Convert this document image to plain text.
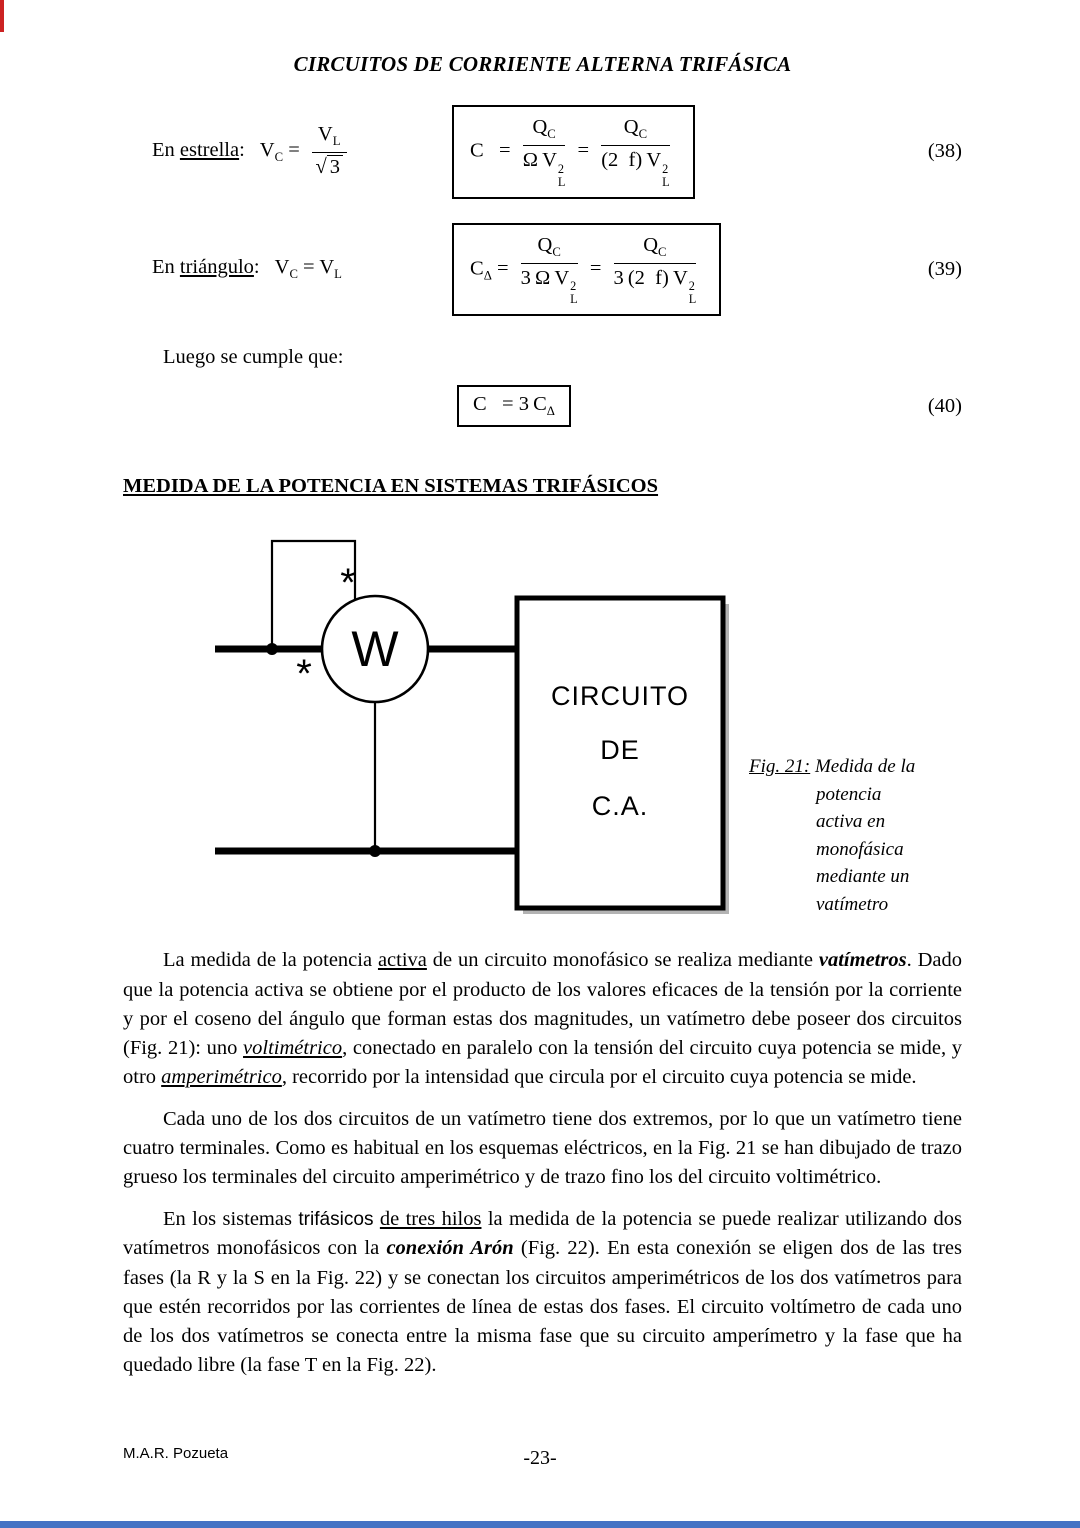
CIRCUITOS DE CORRIENTE ALTERNA TRIFÁSICA
En estrella:   $V_C = \frac{V_L}{√ 3}$	C  = $Q_C$
Ω V 2
$L = Q_C$
(2 f) V 2
L	(38)
En triángulo:   $V_C = V_L$	$C_\Delta = Q_C$
3 Ω V 2
$L = Q_C$
3 (2 f) V 2
L	(39)

Luego se cumple que:

C  = 3 $C_\Delta$	(40)
MEDIDA DE LA POTENCIA EN SISTEMAS TRIFÁSICOS
W
*
*	CIRCUITO
DE
C.A.

Fig. 21: Medida de la potencia activa en monofásica mediante un vatímetro

La medida de la potencia activa de un circuito monofásico se realiza mediante vatímetros. Dado que la potencia activa se obtiene por el producto de los valores eficaces de la tensión por la corriente y por el coseno del ángulo que forman estas dos magnitudes, un vatímetro debe poseer dos circuitos (Fig. 21): uno voltimétrico, conectado en paralelo con la tensión del circuito cuya potencia se mide, y otro amperimétrico, recorrido por la intensidad que circula por el circuito cuya potencia se mide.

Cada uno de los dos circuitos de un vatímetro tiene dos extremos, por lo que un vatímetro tiene cuatro terminales. Como es habitual en los esquemas eléctricos, en la Fig. 21 se han dibujado de trazo grueso los terminales del circuito amperimétrico y de trazo fino los del circuito voltimétrico.

En los sistemas trifásicos de tres hilos la medida de la potencia se puede realizar utilizando dos vatímetros monofásicos con la conexión Arón (Fig. 22). En esta conexión se eligen dos de las tres fases (la R y la S en la Fig. 22) y se conectan los circuitos amperimétricos de los dos vatímetros para que estén recorridos por las corrientes de línea de estas dos fases. El circuito voltímetro de cada uno de los dos vatímetros se conecta entre la misma fase que su circuito amperímetro y la fase que ha quedado libre (la fase T en la Fig. 22).

M.A.R. Pozueta	-23-
